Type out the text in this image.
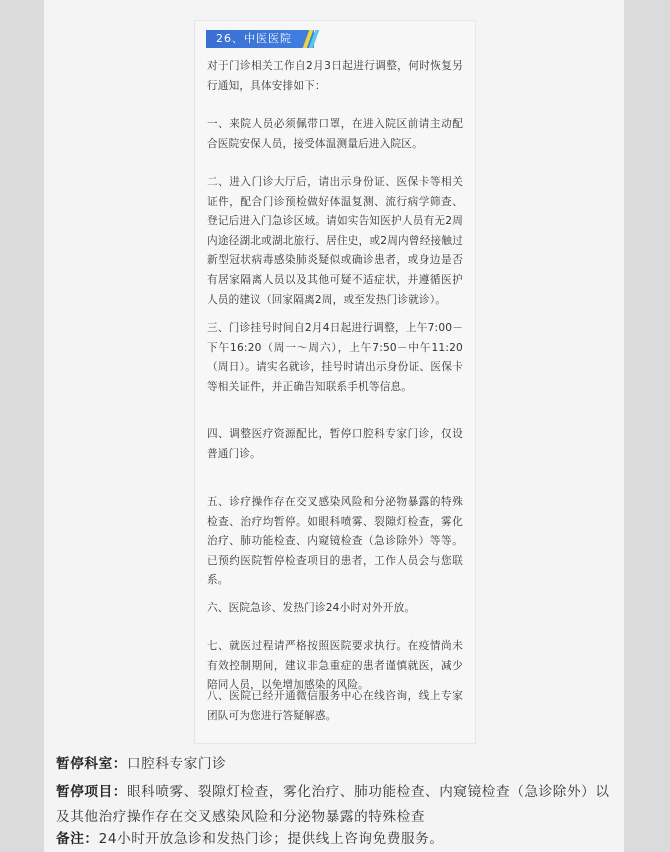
26、中医医院
对于门诊相关工作自2月3日起进行调整，何时恢复另行通知，具体安排如下：
一、来院人员必须佩带口罩，在进入院区前请主动配合医院安保人员，接受体温测量后进入院区。
二、进入门诊大厅后，请出示身份证、医保卡等相关证件，配合门诊预检做好体温复测、流行病学筛查、登记后进入门急诊区域。请如实告知医护人员有无2周内途径湖北或湖北旅行、居住史，或2周内曾经接触过新型冠状病毒感染肺炎疑似或确诊患者，或身边是否有居家隔离人员以及其他可疑不适症状，并遵循医护人员的建议（回家隔离2周，或至发热门诊就诊）。
三、门诊挂号时间自2月4日起进行调整，上午7:00－下午16:20（周一～周六），上午7:50－中午11:20（周日）。请实名就诊，挂号时请出示身份证、医保卡等相关证件，并正确告知联系手机等信息。
四、调整医疗资源配比，暂停口腔科专家门诊，仅设普通门诊。
五、诊疗操作存在交叉感染风险和分泌物暴露的特殊检查、治疗均暂停。如眼科喷雾、裂隙灯检查，雾化治疗、肺功能检查、内窥镜检查（急诊除外）等等。已预约医院暂停检查项目的患者，工作人员会与您联系。
六、医院急诊、发热门诊24小时对外开放。
七、就医过程请严格按照医院要求执行。在疫情尚未有效控制期间，建议非急重症的患者谨慎就医，减少陪同人员，以免增加感染的风险。
八、医院已经开通微信服务中心在线咨询，线上专家团队可为您进行答疑解惑。
暂停科室：口腔科专家门诊
暂停项目：眼科喷雾、裂隙灯检查，雾化治疗、肺功能检查、内窥镜检查（急诊除外）以及其他治疗操作存在交叉感染风险和分泌物暴露的特殊检查
备注：24小时开放急诊和发热门诊；提供线上咨询免费服务。
